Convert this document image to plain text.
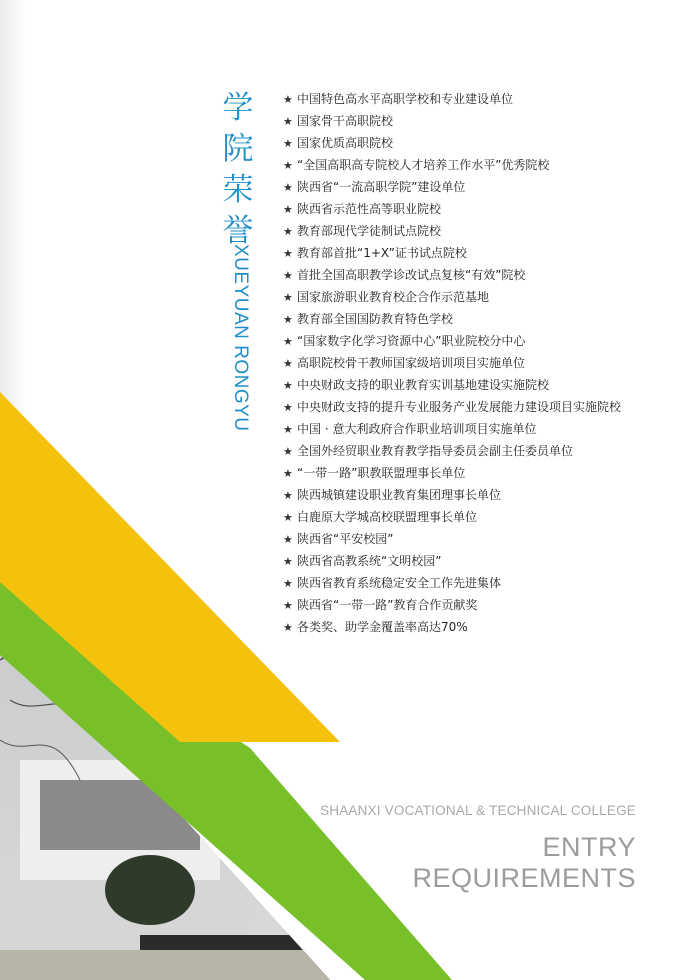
学
院
荣
誉
XUEYUAN RONGYU
★ 中国特色高水平高职学校和专业建设单位
★ 国家骨干高职院校
★ 国家优质高职院校
★ “全国高职高专院校人才培养工作水平”优秀院校
★ 陕西省“一流高职学院”建设单位
★ 陕西省示范性高等职业院校
★ 教育部现代学徒制试点院校
★ 教育部首批“1+X”证书试点院校
★ 首批全国高职教学诊改试点复核“有效”院校
★ 国家旅游职业教育校企合作示范基地
★ 教育部全国国防教育特色学校
★ “国家数字化学习资源中心”职业院校分中心
★ 高职院校骨干教师国家级培训项目实施单位
★ 中央财政支持的职业教育实训基地建设实施院校
★ 中央财政支持的提升专业服务产业发展能力建设项目实施院校
★ 中国 · 意大利政府合作职业培训项目实施单位
★ 全国外经贸职业教育教学指导委员会副主任委员单位
★ “一带一路”职教联盟理事长单位
★ 陕西城镇建设职业教育集团理事长单位
★ 白鹿原大学城高校联盟理事长单位
★ 陕西省“平安校园”
★ 陕西省高教系统“文明校园”
★ 陕西省教育系统稳定安全工作先进集体
★ 陕西省“一带一路”教育合作贡献奖
★ 各类奖、助学金覆盖率高达70%
SHAANXI VOCATIONAL & TECHNICAL COLLEGE
ENTRY
REQUIREMENTS
